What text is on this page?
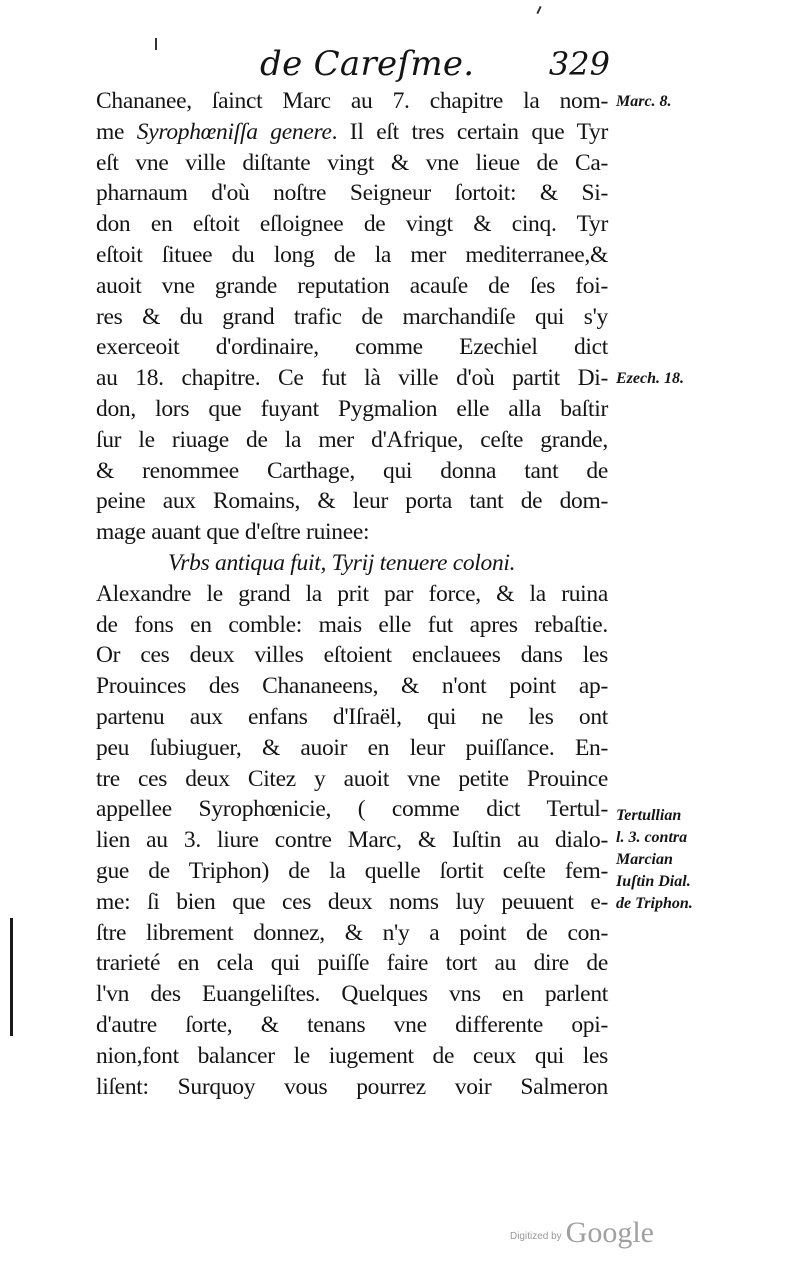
de Careſme. 329
Chananee, ſainct Marc au 7. chapitre la nom-
me Syrophœniſſa genere. Il eſt tres certain que Tyr
eſt vne ville diſtante vingt & vne lieue de Ca-
pharnaum d'où noſtre Seigneur ſortoit: & Si-
don en eſtoit eſloignee de vingt & cinq. Tyr
eſtoit ſituee du long de la mer mediterranee,&
auoit vne grande reputation acauſe de ſes foi-
res & du grand trafic de marchandiſe qui s'y
exerceoit d'ordinaire, comme Ezechiel dict
au 18. chapitre. Ce fut là ville d'où partit Di-
don, lors que fuyant Pygmalion elle alla baſtir
ſur le riuage de la mer d'Afrique, ceſte grande,
& renommee Carthage, qui donna tant de
peine aux Romains, & leur porta tant de dom-
mage auant que d'eſtre ruinee:
Vrbs antiqua fuit, Tyrij tenuere coloni.
Alexandre le grand la prit par force, & la ruina
de fons en comble: mais elle fut apres rebaſtie.
Or ces deux villes eſtoient enclauees dans les
Prouinces des Chananeens, & n'ont point ap-
partenu aux enfans d'Iſraël, qui ne les ont
peu ſubiuguer, & auoir en leur puiſſance. En-
tre ces deux Citez y auoit vne petite Prouince
appellee Syrophœnicie, ( comme dict Tertul-
lien au 3. liure contre Marc, & Iuſtin au dialo-
gue de Triphon) de la quelle ſortit ceſte fem-
me: ſi bien que ces deux noms luy peuuent e-
ſtre librement donnez, & n'y a point de con-
trarieté en cela qui puiſſe faire tort au dire de
l'vn des Euangeliſtes. Quelques vns en parlent
d'autre ſorte, & tenans vne differente opi-
nion,font balancer le iugement de ceux qui les
liſent: Surquoy vous pourrez voir Salmeron
Marc. 8.
Ezech. 18.
Tertullian
l. 3. contra
Marcian
Iuſtin Dial.
de Triphon.
Digitized by Google
